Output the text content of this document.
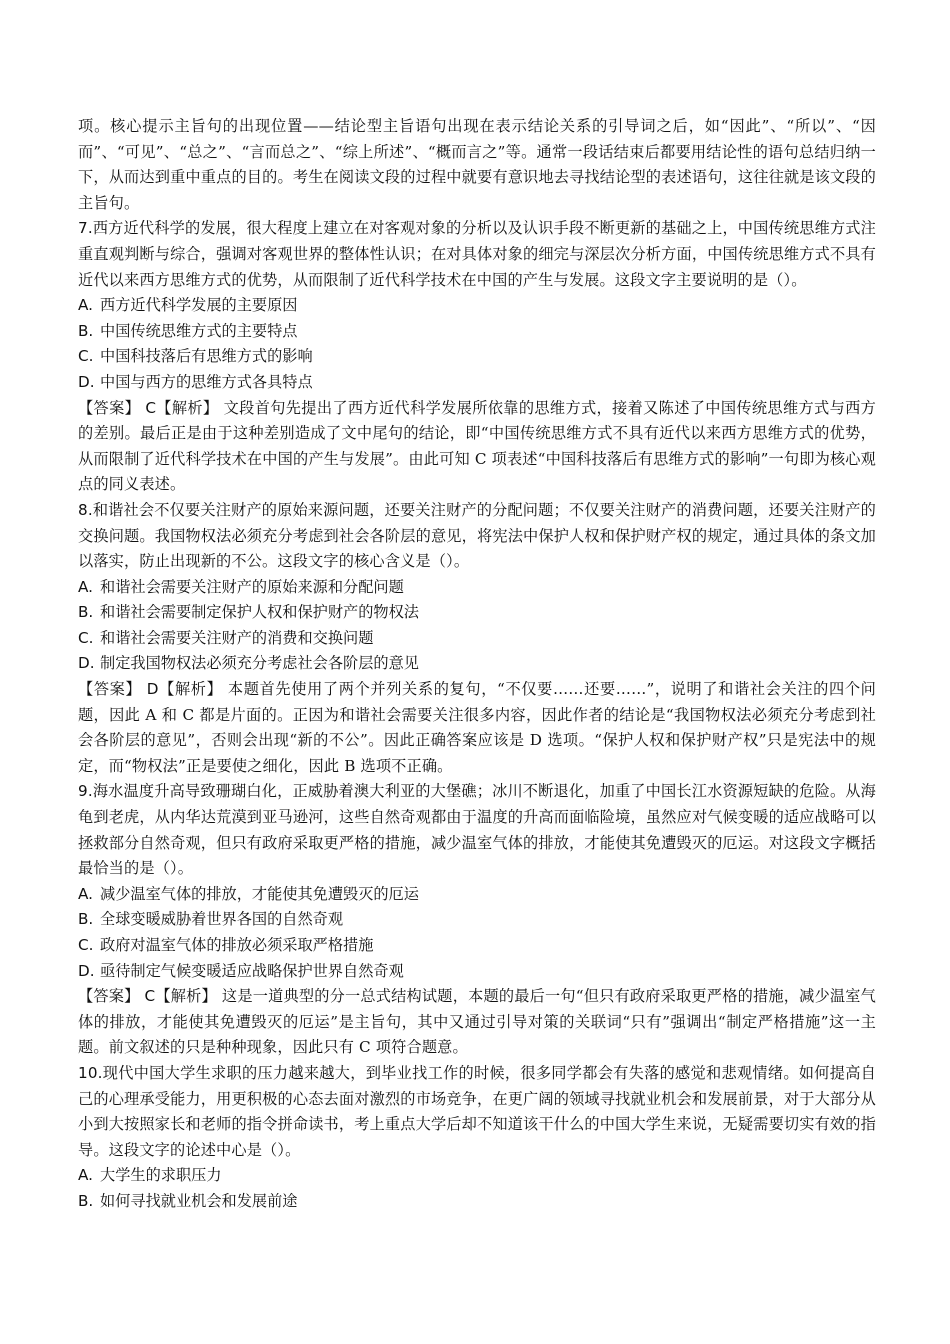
项。核心提示主旨句的出现位置——结论型主旨语句出现在表示结论关系的引导词之后，如“因此”、“所以”、“因而”、“可见”、“总之”、“言而总之”、“综上所述”、“概而言之”等。通常一段话结束后都要用结论性的语句总结归纳一下，从而达到重中重点的目的。考生在阅读文段的过程中就要有意识地去寻找结论型的表述语句，这往往就是该文段的主旨句。

7.西方近代科学的发展，很大程度上建立在对客观对象的分析以及认识手段不断更新的基础之上，中国传统思维方式注重直观判断与综合，强调对客观世界的整体性认识；在对具体对象的细完与深层次分析方面，中国传统思维方式不具有近代以来西方思维方式的优势，从而限制了近代科学技术在中国的产生与发展。这段文字主要说明的是（）。

A. 西方近代科学发展的主要原因

B. 中国传统思维方式的主要特点

C. 中国科技落后有思维方式的影响

D. 中国与西方的思维方式各具特点

【答案】 C【解析】 文段首句先提出了西方近代科学发展所依靠的思维方式，接着又陈述了中国传统思维方式与西方的差别。最后正是由于这种差别造成了文中尾句的结论，即“中国传统思维方式不具有近代以来西方思维方式的优势，从而限制了近代科学技术在中国的产生与发展”。由此可知 C 项表述“中国科技落后有思维方式的影响”一句即为核心观点的同义表述。

8.和谐社会不仅要关注财产的原始来源问题，还要关注财产的分配问题；不仅要关注财产的消费问题，还要关注财产的交换问题。我国物权法必须充分考虑到社会各阶层的意见，将宪法中保护人权和保护财产权的规定，通过具体的条文加以落实，防止出现新的不公。这段文字的核心含义是（）。

A. 和谐社会需要关注财产的原始来源和分配问题

B. 和谐社会需要制定保护人权和保护财产的物权法

C. 和谐社会需要关注财产的消费和交换问题

D. 制定我国物权法必须充分考虑社会各阶层的意见

【答案】 D【解析】 本题首先使用了两个并列关系的复句，“不仅要……还要……”，说明了和谐社会关注的四个问题，因此 A 和 C 都是片面的。正因为和谐社会需要关注很多内容，因此作者的结论是“我国物权法必须充分考虑到社会各阶层的意见”，否则会出现“新的不公”。因此正确答案应该是 D 选项。“保护人权和保护财产权”只是宪法中的规定，而“物权法”正是要使之细化，因此 B 选项不正确。

9.海水温度升高导致珊瑚白化，正威胁着澳大利亚的大堡礁；冰川不断退化，加重了中国长江水资源短缺的危险。从海龟到老虎，从内华达荒漠到亚马逊河，这些自然奇观都由于温度的升高而面临险境，虽然应对气候变暖的适应战略可以拯救部分自然奇观，但只有政府采取更严格的措施，减少温室气体的排放，才能使其免遭毁灭的厄运。对这段文字概括最恰当的是（）。

A. 减少温室气体的排放，才能使其免遭毁灭的厄运

B. 全球变暖威胁着世界各国的自然奇观

C. 政府对温室气体的排放必须采取严格措施

D. 亟待制定气候变暖适应战略保护世界自然奇观

【答案】 C【解析】 这是一道典型的分一总式结构试题，本题的最后一句“但只有政府采取更严格的措施，减少温室气体的排放，才能使其免遭毁灭的厄运”是主旨句，其中又通过引导对策的关联词“只有”强调出“制定严格措施”这一主题。前文叙述的只是种种现象，因此只有 C 项符合题意。

10.现代中国大学生求职的压力越来越大，到毕业找工作的时候，很多同学都会有失落的感觉和悲观情绪。如何提高自己的心理承受能力，用更积极的心态去面对激烈的市场竞争，在更广阔的领域寻找就业机会和发展前景，对于大部分从小到大按照家长和老师的指令拼命读书，考上重点大学后却不知道该干什么的中国大学生来说，无疑需要切实有效的指导。这段文字的论述中心是（）。

A. 大学生的求职压力

B. 如何寻找就业机会和发展前途
